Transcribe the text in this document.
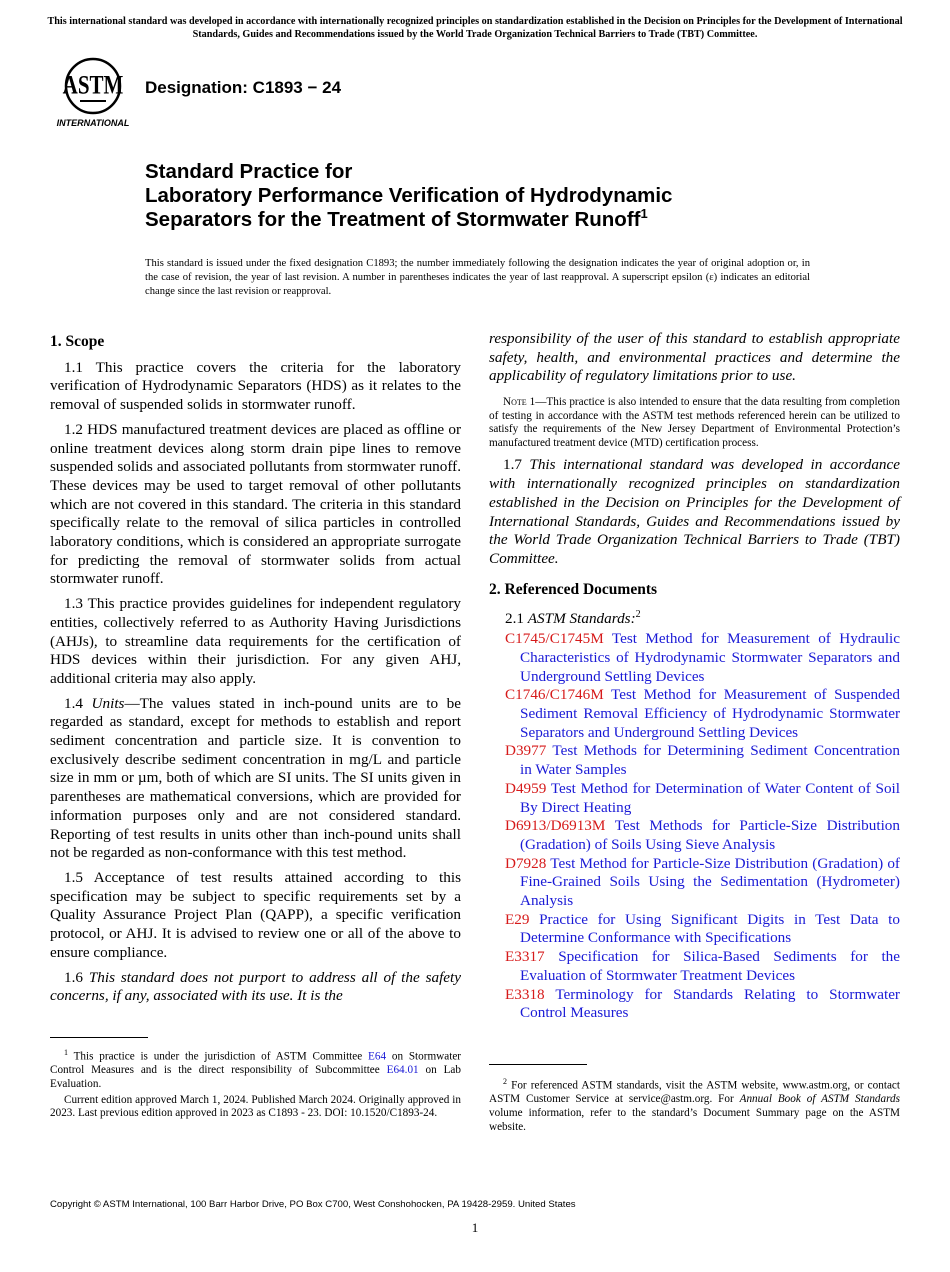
This international standard was developed in accordance with internationally recognized principles on standardization established in the Decision on Principles for the Development of International Standards, Guides and Recommendations issued by the World Trade Organization Technical Barriers to Trade (TBT) Committee.
ASTM
INTERNATIONAL
Designation: C1893 − 24
Standard Practice for
Laboratory Performance Verification of Hydrodynamic
Separators for the Treatment of Stormwater Runoff$^1$
This standard is issued under the fixed designation C1893; the number immediately following the designation indicates the year of original adoption or, in the case of revision, the year of last revision. A number in parentheses indicates the year of last reapproval. A superscript epsilon (ε) indicates an editorial change since the last revision or reapproval.
1. Scope

1.1 This practice covers the criteria for the laboratory verification of Hydrodynamic Separators (HDS) as it relates to the removal of suspended solids in stormwater runoff.

1.2 HDS manufactured treatment devices are placed as offline or online treatment devices along storm drain pipe lines to remove suspended solids and associated pollutants from stormwater runoff. These devices may be used to target removal of other pollutants which are not covered in this standard. The criteria in this standard specifically relate to the removal of silica particles in controlled laboratory conditions, which is considered an appropriate surrogate for predicting the removal of stormwater solids from actual stormwater runoff.

1.3 This practice provides guidelines for independent regulatory entities, collectively referred to as Authority Having Jurisdictions (AHJs), to streamline data requirements for the certification of HDS devices within their jurisdiction. For any given AHJ, additional criteria may also apply.

1.4 Units—The values stated in inch-pound units are to be regarded as standard, except for methods to establish and report sediment concentration and particle size. It is convention to exclusively describe sediment concentration in mg/L and particle size in mm or µm, both of which are SI units. The SI units given in parentheses are mathematical conversions, which are provided for information purposes only and are not considered standard. Reporting of test results in units other than inch-pound units shall not be regarded as non-conformance with this test method.

1.5 Acceptance of test results attained according to this specification may be subject to specific requirements set by a Quality Assurance Project Plan (QAPP), a specific verification protocol, or AHJ. It is advised to review one or all of the above to ensure compliance.

1.6 This standard does not purport to address all of the safety concerns, if any, associated with its use. It is the

$^1$ This practice is under the jurisdiction of ASTM Committee E64 on Stormwater Control Measures and is the direct responsibility of Subcommittee E64.01 on Lab Evaluation.

Current edition approved March 1, 2024. Published March 2024. Originally approved in 2023. Last previous edition approved in 2023 as C1893 - 23. DOI: 10.1520/C1893-24.

responsibility of the user of this standard to establish appropriate safety, health, and environmental practices and determine the applicability of regulatory limitations prior to use.

Note 1—This practice is also intended to ensure that the data resulting from completion of testing in accordance with the ASTM test methods referenced herein can be utilized to satisfy the requirements of the New Jersey Department of Environmental Protection’s manufactured treatment device (MTD) certification process.

1.7 This international standard was developed in accordance with internationally recognized principles on standardization established in the Decision on Principles for the Development of International Standards, Guides and Recommendations issued by the World Trade Organization Technical Barriers to Trade (TBT) Committee.

2. Referenced Documents
2.1 ASTM Standards:$^2$
C1745/C1745M Test Method for Measurement of Hydraulic Characteristics of Hydrodynamic Stormwater Separators and Underground Settling Devices
C1746/C1746M Test Method for Measurement of Suspended Sediment Removal Efficiency of Hydrodynamic Stormwater Separators and Underground Settling Devices
D3977 Test Methods for Determining Sediment Concentration in Water Samples
D4959 Test Method for Determination of Water Content of Soil By Direct Heating
D6913/D6913M Test Methods for Particle-Size Distribution (Gradation) of Soils Using Sieve Analysis
D7928 Test Method for Particle-Size Distribution (Gradation) of Fine-Grained Soils Using the Sedimentation (Hydrometer) Analysis
E29 Practice for Using Significant Digits in Test Data to Determine Conformance with Specifications
E3317 Specification for Silica-Based Sediments for the Evaluation of Stormwater Treatment Devices
E3318 Terminology for Standards Relating to Stormwater Control Measures

$^2$ For referenced ASTM standards, visit the ASTM website, www.astm.org, or contact ASTM Customer Service at service@astm.org. For Annual Book of ASTM Standards volume information, refer to the standard’s Document Summary page on the ASTM website.

Copyright © ASTM International, 100 Barr Harbor Drive, PO Box C700, West Conshohocken, PA 19428-2959. United States
1
